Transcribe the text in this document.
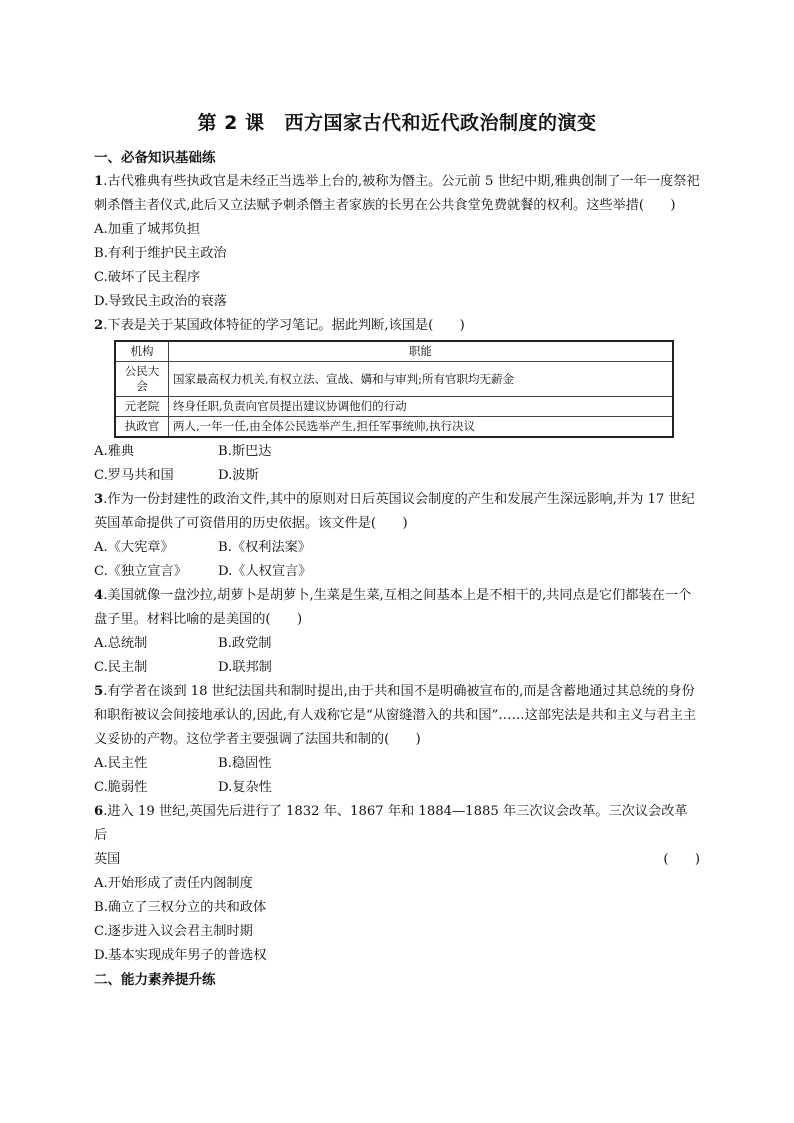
第 2 课 西方国家古代和近代政治制度的演变
一、必备知识基础练
1.古代雅典有些执政官是未经正当选举上台的,被称为僭主。公元前 5 世纪中期,雅典创制了一年一度祭祀刺杀僭主者仪式,此后又立法赋予刺杀僭主者家族的长男在公共食堂免费就餐的权利。这些举措(　　)
A.加重了城邦负担
B.有利于维护民主政治
C.破坏了民主程序
D.导致民主政治的衰落
2.下表是关于某国政体特征的学习笔记。据此判断,该国是(　　)
机构	职能
公民大会	国家最高权力机关,有权立法、宣战、媾和与审判;所有官职均无薪金
元老院	终身任职,负责向官员提出建议协调他们的行动
执政官	两人,一年一任,由全体公民选举产生,担任军事统帅,执行决议
A.雅典	B.斯巴达
C.罗马共和国	D.波斯
3.作为一份封建性的政治文件,其中的原则对日后英国议会制度的产生和发展产生深远影响,并为 17 世纪英国革命提供了可资借用的历史依据。该文件是(　　)
A.《大宪章》	B.《权利法案》
C.《独立宣言》	D.《人权宣言》
4.美国就像一盘沙拉,胡萝卜是胡萝卜,生菜是生菜,互相之间基本上是不相干的,共同点是它们都装在一个盘子里。材料比喻的是美国的(　　)
A.总统制	B.政党制
C.民主制	D.联邦制
5.有学者在谈到 18 世纪法国共和制时提出,由于共和国不是明确被宣布的,而是含蓄地通过其总统的身份和职衔被议会间接地承认的,因此,有人戏称它是“从窗缝潜入的共和国”……这部宪法是共和主义与君主主义妥协的产物。这位学者主要强调了法国共和制的(　　)
A.民主性	B.稳固性
C.脆弱性	D.复杂性
6.进入 19 世纪,英国先后进行了 1832 年、1867 年和 1884—1885 年三次议会改革。三次议会改革后
英国	(　　)
A.开始形成了责任内阁制度
B.确立了三权分立的共和政体
C.逐步进入议会君主制时期
D.基本实现成年男子的普选权
二、能力素养提升练
